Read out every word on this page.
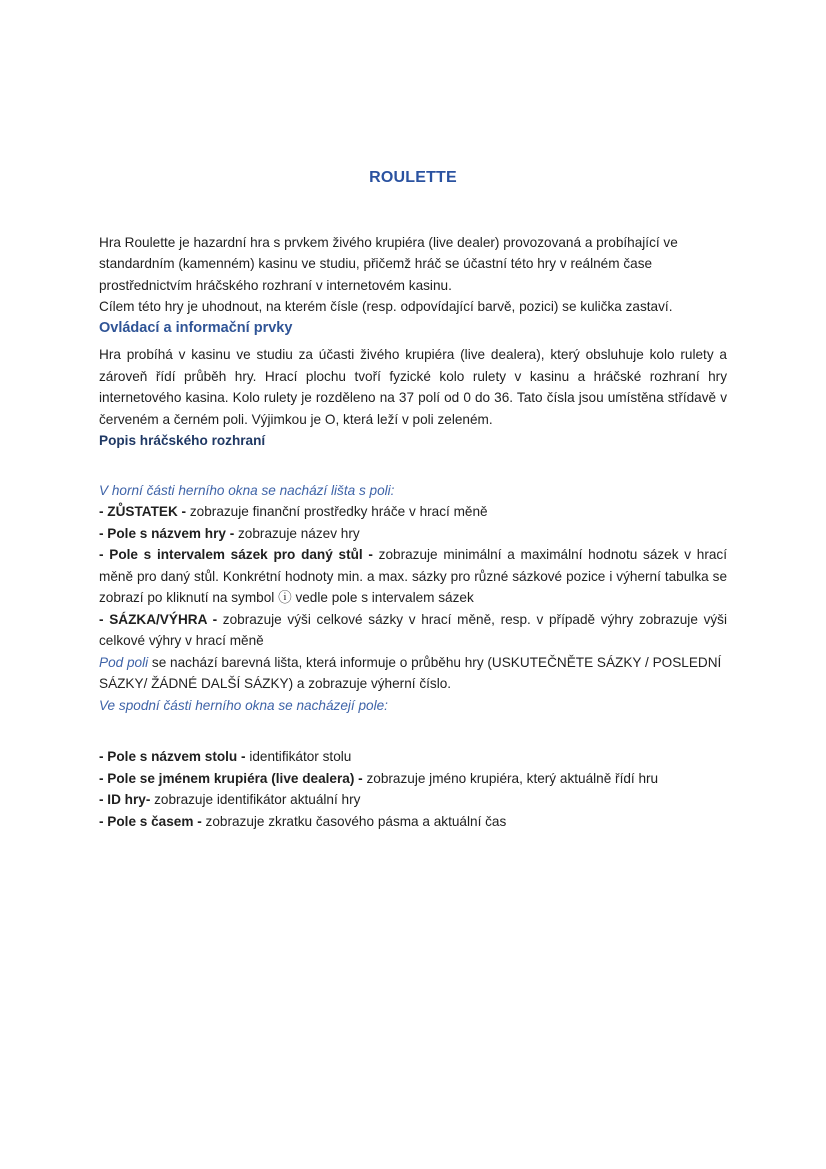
ROULETTE

Hra Roulette je hazardní hra s prvkem živého krupiéra (live dealer) provozovaná a probíhající ve standardním (kamenném) kasinu ve studiu, přičemž hráč se účastní této hry v reálném čase prostřednictvím hráčského rozhraní v internetovém kasinu.

Cílem této hry je uhodnout, na kterém čísle (resp. odpovídající barvě, pozici) se kulička zastaví.

Ovládací a informační prvky

Hra probíhá v kasinu ve studiu za účasti živého krupiéra (live dealera), který obsluhuje kolo rulety a zároveň řídí průběh hry. Hrací plochu tvoří fyzické kolo rulety v kasinu a hráčské rozhraní hry internetového kasina. Kolo rulety je rozděleno na 37 polí od 0 do 36. Tato čísla jsou umístěna střídavě v červeném a černém poli. Výjimkou je O, která leží v poli zeleném.

Popis hráčského rozhraní

V horní části herního okna se nachází lišta s poli:

- ZŮSTATEK - zobrazuje finanční prostředky hráče v hrací měně

- Pole s názvem hry - zobrazuje název hry

- Pole s intervalem sázek pro daný stůl - zobrazuje minimální a maximální hodnotu sázek v hrací měně pro daný stůl. Konkrétní hodnoty min. a max. sázky pro různé sázkové pozice i výherní tabulka se zobrazí po kliknutí na symbol ⓘ vedle pole s intervalem sázek

- SÁZKA/VÝHRA - zobrazuje výši celkové sázky v hrací měně, resp. v případě výhry zobrazuje výši celkové výhry v hrací měně

Pod poli se nachází barevná lišta, která informuje o průběhu hry (USKUTEČNĚTE SÁZKY / POSLEDNÍ SÁZKY/ ŽÁDNÉ DALŠÍ SÁZKY) a zobrazuje výherní číslo.

Ve spodní části herního okna se nacházejí pole:

- Pole s názvem stolu - identifikátor stolu

- Pole se jménem krupiéra (live dealera) - zobrazuje jméno krupiéra, který aktuálně řídí hru

- ID hry- zobrazuje identifikátor aktuální hry

- Pole s časem - zobrazuje zkratku časového pásma a aktuální čas
